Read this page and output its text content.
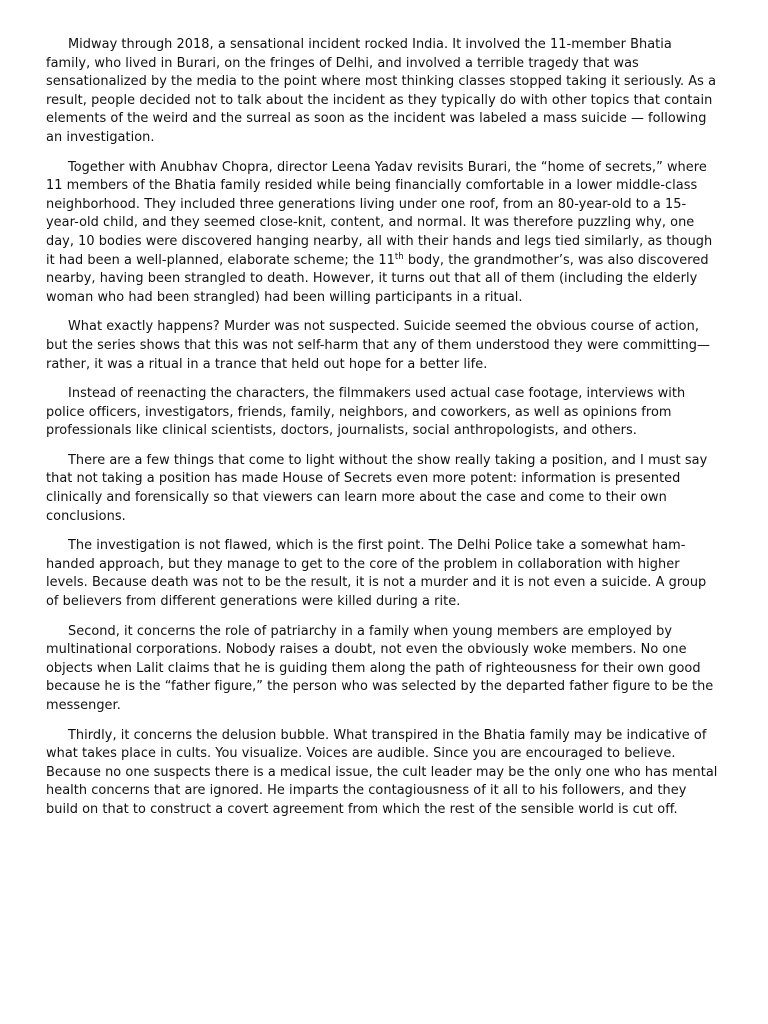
Midway through 2018, a sensational incident rocked India. It involved the 11-member Bhatia family, who lived in Burari, on the fringes of Delhi, and involved a terrible tragedy that was sensationalized by the media to the point where most thinking classes stopped taking it seriously. As a result, people decided not to talk about the incident as they typically do with other topics that contain elements of the weird and the surreal as soon as the incident was labeled a mass suicide — following an investigation.

Together with Anubhav Chopra, director Leena Yadav revisits Burari, the “home of secrets,” where 11 members of the Bhatia family resided while being financially comfortable in a lower middle-class neighborhood. They included three generations living under one roof, from an 80-year-old to a 15-year-old child, and they seemed close-knit, content, and normal. It was therefore puzzling why, one day, 10 bodies were discovered hanging nearby, all with their hands and legs tied similarly, as though it had been a well-planned, elaborate scheme; the 11th body, the grandmother’s, was also discovered nearby, having been strangled to death. However, it turns out that all of them (including the elderly woman who had been strangled) had been willing participants in a ritual.

What exactly happens? Murder was not suspected. Suicide seemed the obvious course of action, but the series shows that this was not self-harm that any of them understood they were committing—rather, it was a ritual in a trance that held out hope for a better life.

Instead of reenacting the characters, the filmmakers used actual case footage, interviews with police officers, investigators, friends, family, neighbors, and coworkers, as well as opinions from professionals like clinical scientists, doctors, journalists, social anthropologists, and others.

There are a few things that come to light without the show really taking a position, and I must say that not taking a position has made House of Secrets even more potent: information is presented clinically and forensically so that viewers can learn more about the case and come to their own conclusions.

The investigation is not flawed, which is the first point. The Delhi Police take a somewhat ham-handed approach, but they manage to get to the core of the problem in collaboration with higher levels. Because death was not to be the result, it is not a murder and it is not even a suicide. A group of believers from different generations were killed during a rite.

Second, it concerns the role of patriarchy in a family when young members are employed by multinational corporations. Nobody raises a doubt, not even the obviously woke members. No one objects when Lalit claims that he is guiding them along the path of righteousness for their own good because he is the “father figure,” the person who was selected by the departed father figure to be the messenger.

Thirdly, it concerns the delusion bubble. What transpired in the Bhatia family may be indicative of what takes place in cults. You visualize. Voices are audible. Since you are encouraged to believe. Because no one suspects there is a medical issue, the cult leader may be the only one who has mental health concerns that are ignored. He imparts the contagiousness of it all to his followers, and they build on that to construct a covert agreement from which the rest of the sensible world is cut off.
